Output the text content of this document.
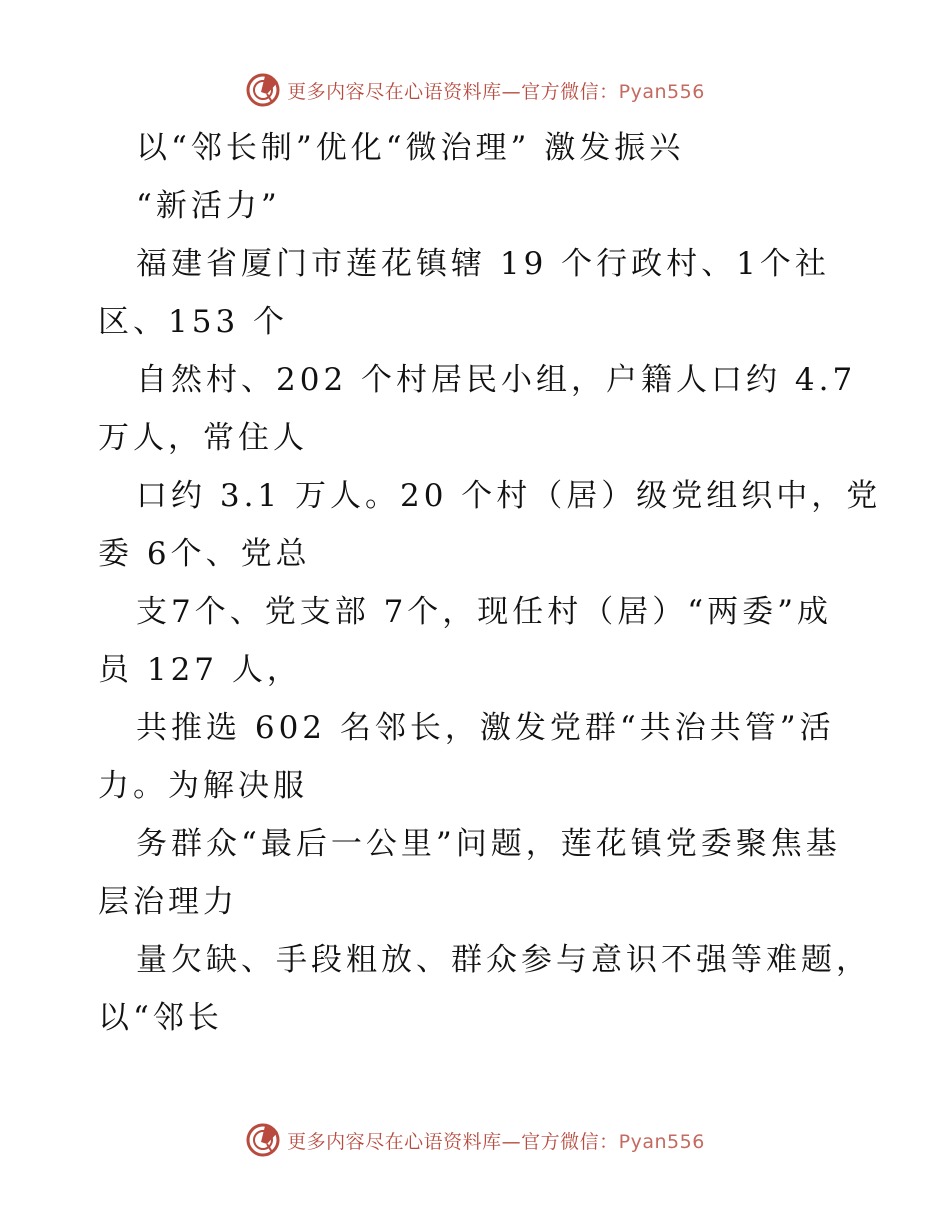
更多内容尽在心语资料库—官方微信：Pyan556
以“邻长制”优化“微治理” 激发振兴
“新活力”
福建省厦门市莲花镇辖 19 个行政村、1个社
区、153 个
自然村、202 个村居民小组，户籍人口约 4.7
万人，常住人
口约 3.1 万人。20 个村（居）级党组织中，党
委 6个、党总
支7个、党支部 7个，现任村（居）“两委”成
员 127 人，
共推选 602 名邻长，激发党群“共治共管”活
力。为解决服
务群众“最后一公里”问题，莲花镇党委聚焦基
层治理力
量欠缺、手段粗放、群众参与意识不强等难题，
以“邻长
更多内容尽在心语资料库—官方微信：Pyan556
